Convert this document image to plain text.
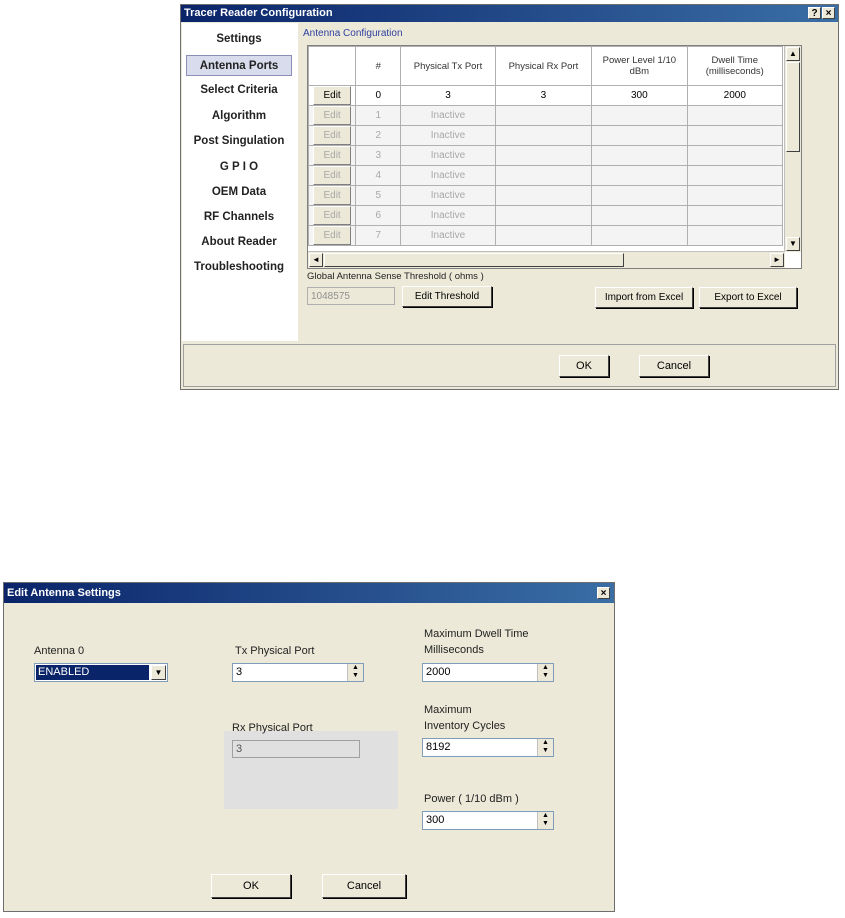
Tracer Reader Configuration	? ×
Settings
Antenna Ports
Select Criteria
Algorithm
Post Singulation
G P I O
OEM Data
RF Channels
About Reader
Troubleshooting
Antenna Configuration
	#	Physical Tx Port	Physical Rx Port	Power Level 1/10 dBm	Dwell Time (milliseconds)
Edit	0	3	3	300	2000
Edit	1	Inactive			
Edit	2	Inactive			
Edit	3	Inactive			
Edit	4	Inactive			
Edit	5	Inactive			
Edit	6	Inactive			
Edit	7	Inactive			
▲
▼
◄	►
Global Antenna Sense Threshold ( ohms )
1048575	Edit Threshold	Import from Excel	Export to Excel
OK	Cancel
Edit Antenna Settings	×
Antenna 0
ENABLED	▼
Tx Physical Port
3	▲
▼
Rx Physical Port
3
Maximum Dwell Time
Milliseconds
2000	▲
▼
Maximum
Inventory Cycles
8192	▲
▼
Power ( 1/10 dBm )
300	▲
▼
OK	Cancel
